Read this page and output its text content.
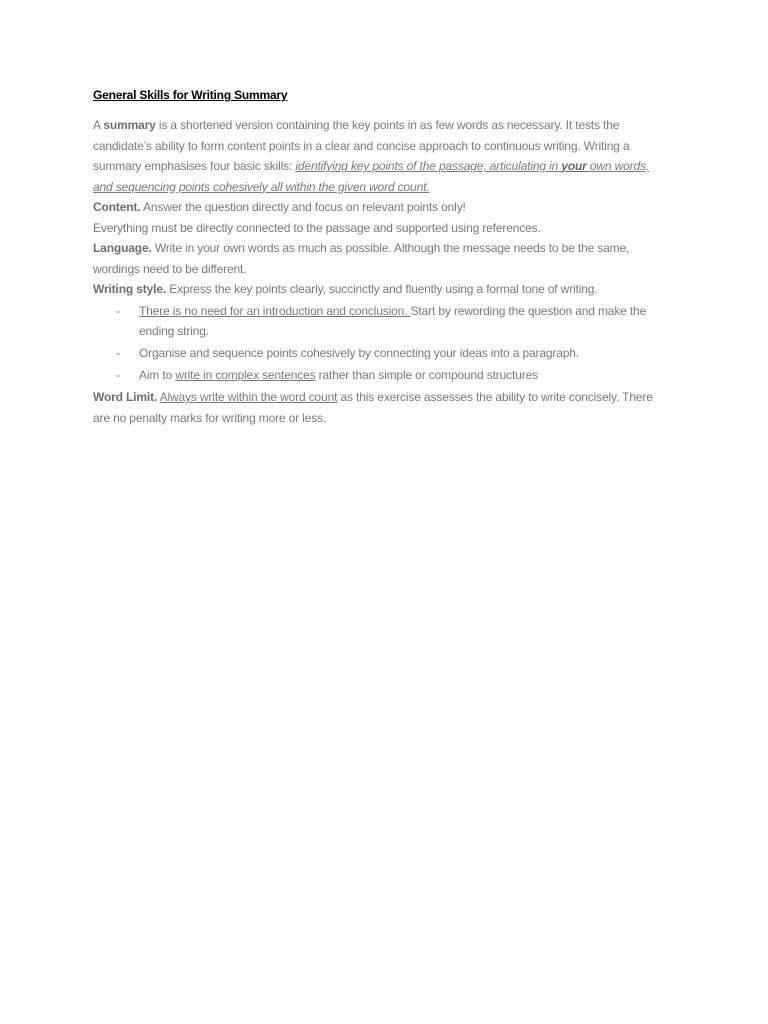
General Skills for Writing Summary

A summary is a shortened version containing the key points in as few words as necessary. It tests the candidate’s ability to form content points in a clear and concise approach to continuous writing. Writing a summary emphasises four basic skills: identifying key points of the passage, articulating in your own words, and sequencing points cohesively all within the given word count.

Content. Answer the question directly and focus on relevant points only!

Everything must be directly connected to the passage and supported using references.

Language. Write in your own words as much as possible. Although the message needs to be the same, wordings need to be different.

Writing style. Express the key points clearly, succinctly and fluently using a formal tone of writing.

- There is no need for an introduction and conclusion. Start by rewording the question and make the ending string.
- Organise and sequence points cohesively by connecting your ideas into a paragraph.
- Aim to write in complex sentences rather than simple or compound structures

Word Limit. Always write within the word count as this exercise assesses the ability to write concisely. There are no penalty marks for writing more or less.
